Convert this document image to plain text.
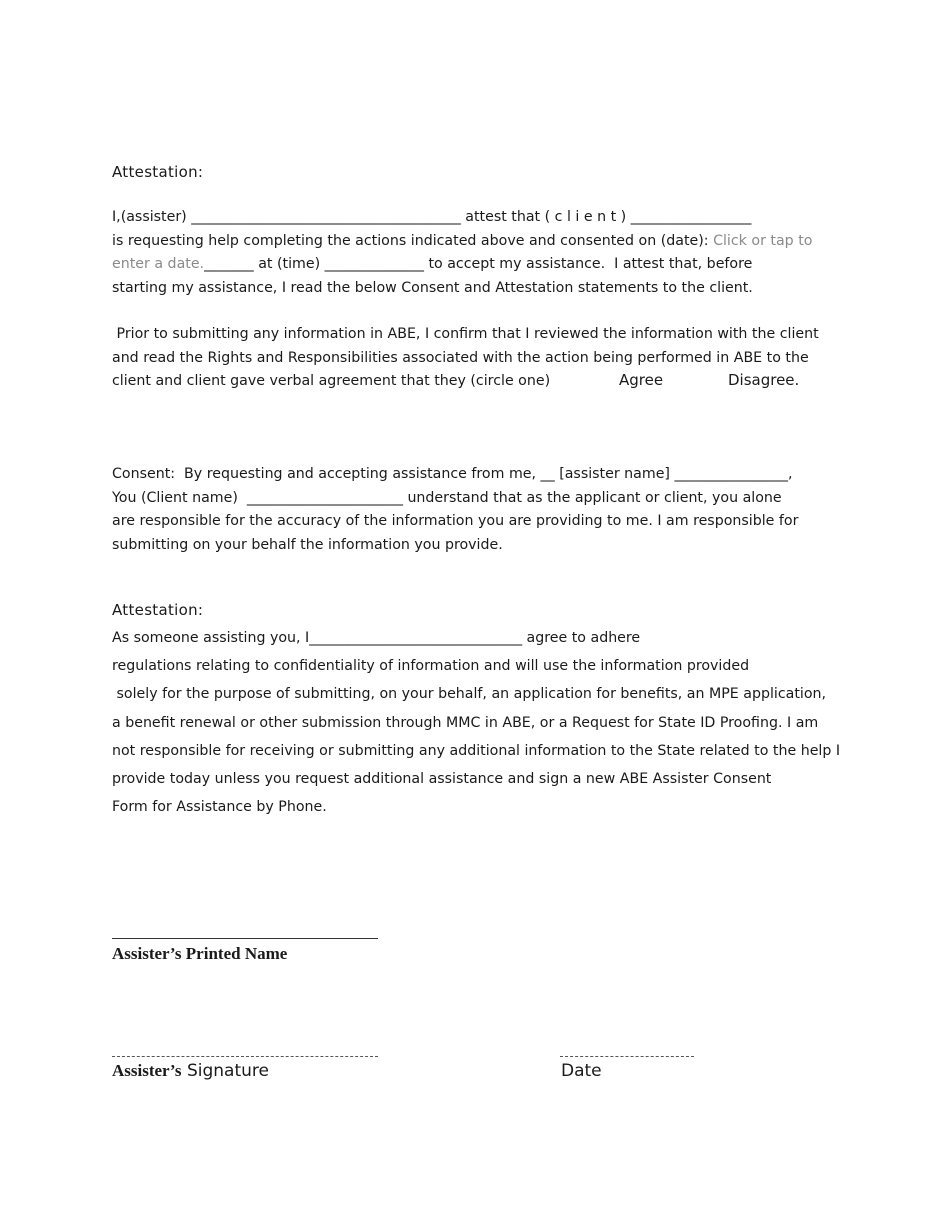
Attestation:
I,(assister) ______________________________________ attest that ( c l i e n t ) _________________
is requesting help completing the actions indicated above and consented on (date): Click or tap to
enter a date._______ at (time) ______________ to accept my assistance.  I attest that, before
starting my assistance, I read the below Consent and Attestation statements to the client.
Prior to submitting any information in ABE, I confirm that I reviewed the information with the client
and read the Rights and Responsibilities associated with the action being performed in ABE to the
client and client gave verbal agreement that they (circle one)	Agree	Disagree.
Consent:  By requesting and accepting assistance from me, __ [assister name] ________________,
You (Client name)  ______________________ understand that as the applicant or client, you alone
are responsible for the accuracy of the information you are providing to me. I am responsible for
submitting on your behalf the information you provide.
Attestation:
As someone assisting you, I______________________________ agree to adhere
regulations relating to confidentiality of information and will use the information provided
solely for the purpose of submitting, on your behalf, an application for benefits, an MPE application,
a benefit renewal or other submission through MMC in ABE, or a Request for State ID Proofing. I am
not responsible for receiving or submitting any additional information to the State related to the help I
provide today unless you request additional assistance and sign a new ABE Assister Consent
Form for Assistance by Phone.
Assister’s Printed Name
Assister’s Signature	Date
